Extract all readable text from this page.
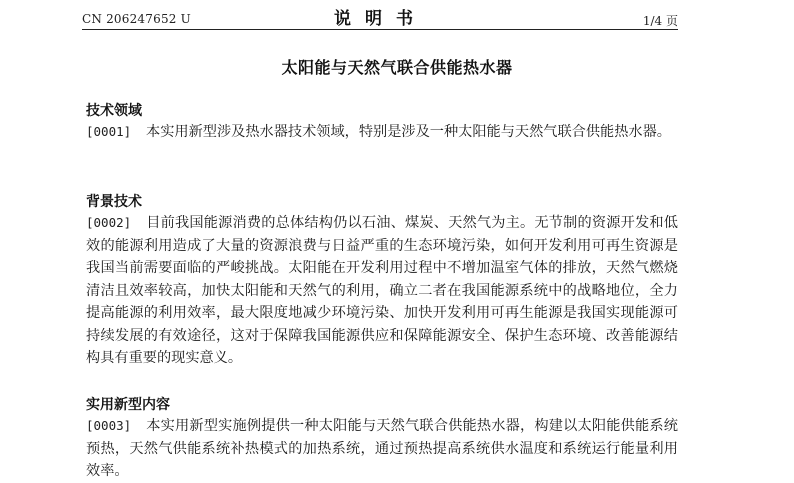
CN 206247652 U	说明书	1/4 页
太阳能与天然气联合供能热水器
技术领域

[0001] 本实用新型涉及热水器技术领域，特别是涉及一种太阳能与天然气联合供能热水器。

背景技术

[0002] 目前我国能源消费的总体结构仍以石油、煤炭、天然气为主。无节制的资源开发和低效的能源利用造成了大量的资源浪费与日益严重的生态环境污染，如何开发利用可再生资源是我国当前需要面临的严峻挑战。太阳能在开发利用过程中不增加温室气体的排放，天然气燃烧清洁且效率较高，加快太阳能和天然气的利用，确立二者在我国能源系统中的战略地位，全力提高能源的利用效率，最大限度地减少环境污染、加快开发利用可再生能源是我国实现能源可持续发展的有效途径，这对于保障我国能源供应和保障能源安全、保护生态环境、改善能源结构具有重要的现实意义。

实用新型内容

[0003] 本实用新型实施例提供一种太阳能与天然气联合供能热水器，构建以太阳能供能系统预热，天然气供能系统补热模式的加热系统，通过预热提高系统供水温度和系统运行能量利用效率。
